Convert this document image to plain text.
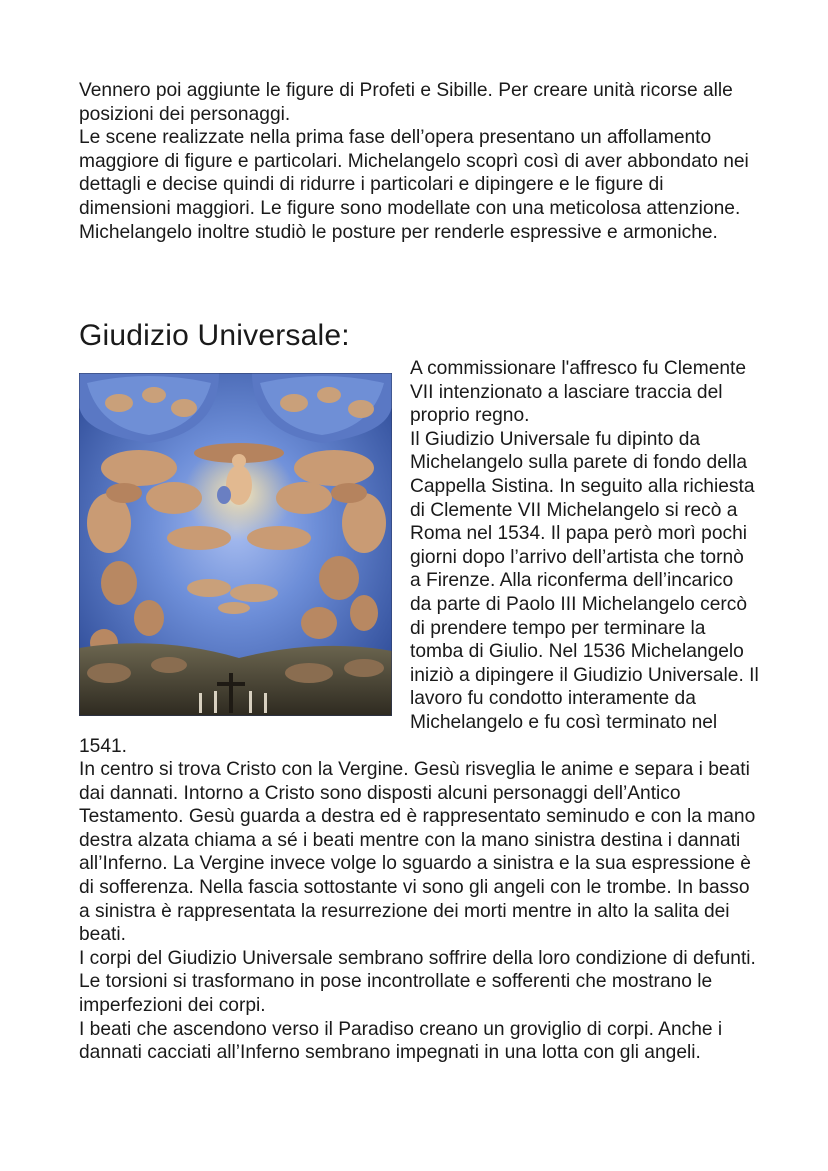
Vennero poi aggiunte le figure di Profeti e Sibille. Per creare unità ricorse alle posizioni dei personaggi.

Le scene realizzate nella prima fase dell’opera presentano un affollamento maggiore di figure e particolari. Michelangelo scoprì così di aver abbondato nei dettagli e decise quindi di ridurre i particolari e dipingere e le figure di dimensioni maggiori. Le figure sono modellate con una meticolosa attenzione. Michelangelo inoltre studiò le posture per renderle espressive e armoniche.

Giudizio Universale:

A commissionare l'affresco fu Clemente VII intenzionato a lasciare traccia del proprio regno.

Il Giudizio Universale fu dipinto da Michelangelo sulla parete di fondo della Cappella Sistina. In seguito alla richiesta di Clemente VII Michelangelo si recò a Roma nel 1534. Il papa però morì pochi giorni dopo l’arrivo dell’artista che tornò a Firenze. Alla riconferma dell’incarico da parte di Paolo III Michelangelo cercò di prendere tempo per terminare la tomba di Giulio. Nel 1536 Michelangelo iniziò a dipingere il Giudizio Universale. Il lavoro fu condotto interamente da Michelangelo e fu così terminato nel 1541.

In centro si trova Cristo con la Vergine. Gesù risveglia le anime e separa i beati dai dannati. Intorno a Cristo sono disposti alcuni personaggi dell’Antico Testamento. Gesù guarda a destra ed è rappresentato seminudo e con la mano destra alzata chiama a sé i beati mentre con la mano sinistra destina i dannati all’Inferno. La Vergine invece volge lo sguardo a sinistra e la sua espressione è di sofferenza. Nella fascia sottostante vi sono gli angeli con le trombe. In basso a sinistra è rappresentata la resurrezione dei morti mentre in alto la salita dei beati.

I corpi del Giudizio Universale sembrano soffrire della loro condizione di defunti. Le torsioni si trasformano in pose incontrollate e sofferenti che mostrano le imperfezioni dei corpi.

I beati che ascendono verso il Paradiso creano un groviglio di corpi. Anche i dannati cacciati all’Inferno sembrano impegnati in una lotta con gli angeli.
